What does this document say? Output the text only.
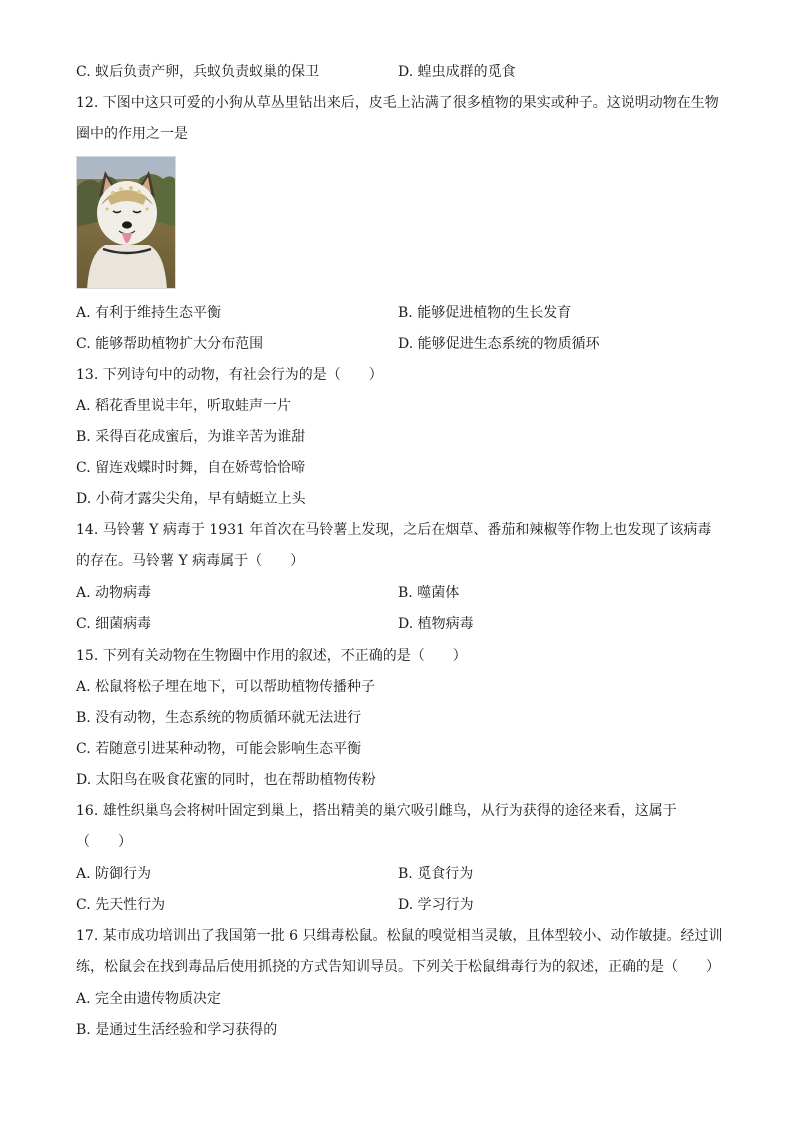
C. 蚁后负责产卵，兵蚁负责蚁巢的保卫	D. 蝗虫成群的觅食
12. 下图中这只可爱的小狗从草丛里钻出来后，皮毛上沾满了很多植物的果实或种子。这说明动物在生物圈中的作用之一是
A. 有利于维持生态平衡	B. 能够促进植物的生长发育
C. 能够帮助植物扩大分布范围	D. 能够促进生态系统的物质循环
13. 下列诗句中的动物，有社会行为的是（　　）
A. 稻花香里说丰年，听取蛙声一片
B. 采得百花成蜜后，为谁辛苦为谁甜
C. 留连戏蝶时时舞，自在娇莺恰恰啼
D. 小荷才露尖尖角，早有蜻蜓立上头
14. 马铃薯 Y 病毒于 1931 年首次在马铃薯上发现，之后在烟草、番茄和辣椒等作物上也发现了该病毒的存在。马铃薯 Y 病毒属于（　　）
A. 动物病毒	B. 噬菌体
C. 细菌病毒	D. 植物病毒
15. 下列有关动物在生物圈中作用的叙述，不正确的是（　　）
A. 松鼠将松子埋在地下，可以帮助植物传播种子
B. 没有动物，生态系统的物质循环就无法进行
C. 若随意引进某种动物，可能会影响生态平衡
D. 太阳鸟在吸食花蜜的同时，也在帮助植物传粉
16. 雄性织巢鸟会将树叶固定到巢上，搭出精美的巢穴吸引雌鸟，从行为获得的途径来看，这属于（　　）
A. 防御行为	B. 觅食行为
C. 先天性行为	D. 学习行为
17. 某市成功培训出了我国第一批 6 只缉毒松鼠。松鼠的嗅觉相当灵敏，且体型较小、动作敏捷。经过训练，松鼠会在找到毒品后使用抓挠的方式告知训导员。下列关于松鼠缉毒行为的叙述，正确的是（　　）
A. 完全由遗传物质决定
B. 是通过生活经验和学习获得的
